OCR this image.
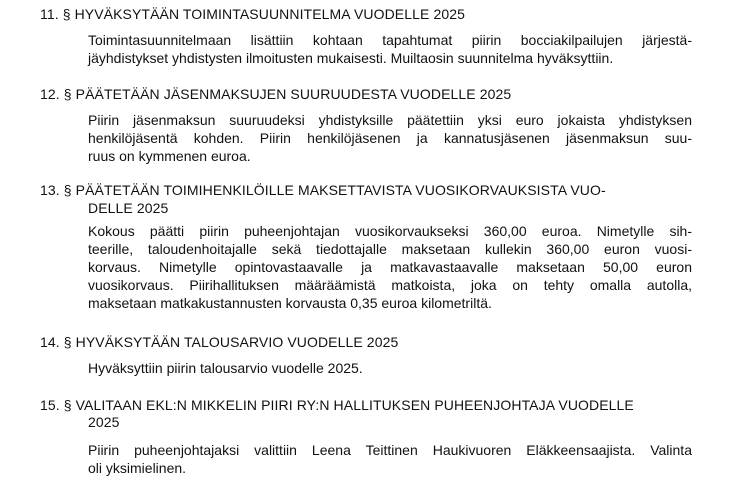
11. § HYVÄKSYTÄÄN TOIMINTASUUNNITELMA VUODELLE 2025
Toimintasuunnitelmaan lisättiin kohtaan tapahtumat piirin bocciakilpailujen järjestä-
jäyhdistykset yhdistysten ilmoitusten mukaisesti. Muiltaosin suunnitelma hyväksyttiin.
12. § PÄÄTETÄÄN JÄSENMAKSUJEN SUURUUDESTA VUODELLE 2025
Piirin jäsenmaksun suuruudeksi yhdistyksille päätettiin yksi euro jokaista yhdistyksen
henkilöjäsentä kohden. Piirin henkilöjäsenen ja kannatusjäsenen jäsenmaksun suu-
ruus on kymmenen euroa.
13. § PÄÄTETÄÄN TOIMIHENKILÖILLE MAKSETTAVISTA VUOSIKORVAUKSISTA VUO-
DELLE 2025
Kokous päätti piirin puheenjohtajan vuosikorvaukseksi 360,00 euroa. Nimetylle sih-
teerille, taloudenhoitajalle sekä tiedottajalle maksetaan kullekin 360,00 euron vuosi-
korvaus. Nimetylle opintovastaavalle ja matkavastaavalle maksetaan 50,00 euron
vuosikorvaus. Piirihallituksen määräämistä matkoista, joka on tehty omalla autolla,
maksetaan matkakustannusten korvausta 0,35 euroa kilometriltä.
14. § HYVÄKSYTÄÄN TALOUSARVIO VUODELLE 2025
Hyväksyttiin piirin talousarvio vuodelle 2025.
15. § VALITAAN EKL:N MIKKELIN PIIRI RY:N HALLITUKSEN PUHEENJOHTAJA VUODELLE
2025
Piirin puheenjohtajaksi valittiin Leena Teittinen Haukivuoren Eläkkeensaajista. Valinta
oli yksimielinen.
